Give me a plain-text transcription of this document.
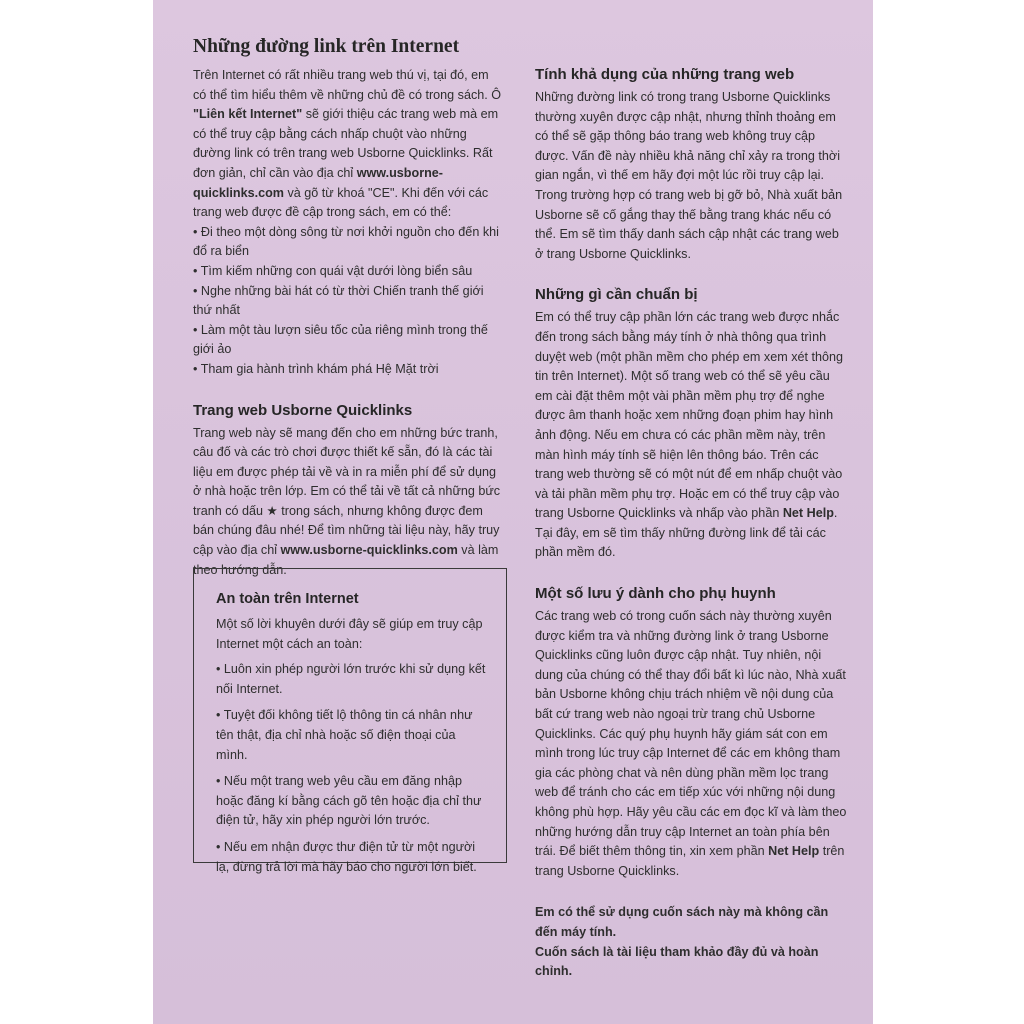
Những đường link trên Internet

Trên Internet có rất nhiều trang web thú vị, tại đó, em có thể tìm hiểu thêm về những chủ đề có trong sách. Ô "Liên kết Internet" sẽ giới thiệu các trang web mà em có thể truy cập bằng cách nhấp chuột vào những đường link có trên trang web Usborne Quicklinks. Rất đơn giản, chỉ cần vào địa chỉ www.usborne-quicklinks.com và gõ từ khoá "CE". Khi đến với các trang web được đề cập trong sách, em có thể:

• Đi theo một dòng sông từ nơi khởi nguồn cho đến khi đổ ra biển
• Tìm kiếm những con quái vật dưới lòng biển sâu
• Nghe những bài hát có từ thời Chiến tranh thế giới thứ nhất
• Làm một tàu lượn siêu tốc của riêng mình trong thế giới ảo
• Tham gia hành trình khám phá Hệ Mặt trời
Trang web Usborne Quicklinks

Trang web này sẽ mang đến cho em những bức tranh, câu đố và các trò chơi được thiết kế sẵn, đó là các tài liệu em được phép tải về và in ra miễn phí để sử dụng ở nhà hoặc trên lớp. Em có thể tải về tất cả những bức tranh có dấu ★ trong sách, nhưng không được đem bán chúng đâu nhé! Để tìm những tài liệu này, hãy truy cập vào địa chỉ www.usborne-quicklinks.com và làm theo hướng dẫn.

An toàn trên Internet

Một số lời khuyên dưới đây sẽ giúp em truy cập Internet một cách an toàn:

• Luôn xin phép người lớn trước khi sử dụng kết nối Internet.
• Tuyệt đối không tiết lộ thông tin cá nhân như tên thật, địa chỉ nhà hoặc số điện thoại của mình.
• Nếu một trang web yêu cầu em đăng nhập hoặc đăng kí bằng cách gõ tên hoặc địa chỉ thư điện tử, hãy xin phép người lớn trước.
• Nếu em nhận được thư điện tử từ một người lạ, đừng trả lời mà hãy báo cho người lớn biết.
Tính khả dụng của những trang web

Những đường link có trong trang Usborne Quicklinks thường xuyên được cập nhật, nhưng thỉnh thoảng em có thể sẽ gặp thông báo trang web không truy cập được. Vấn đề này nhiều khả năng chỉ xảy ra trong thời gian ngắn, vì thế em hãy đợi một lúc rồi truy cập lại. Trong trường hợp có trang web bị gỡ bỏ, Nhà xuất bản Usborne sẽ cố gắng thay thế bằng trang khác nếu có thể. Em sẽ tìm thấy danh sách cập nhật các trang web ở trang Usborne Quicklinks.

Những gì cần chuẩn bị

Em có thể truy cập phần lớn các trang web được nhắc đến trong sách bằng máy tính ở nhà thông qua trình duyệt web (một phần mềm cho phép em xem xét thông tin trên Internet). Một số trang web có thể sẽ yêu cầu em cài đặt thêm một vài phần mềm phụ trợ để nghe được âm thanh hoặc xem những đoạn phim hay hình ảnh động. Nếu em chưa có các phần mềm này, trên màn hình máy tính sẽ hiện lên thông báo. Trên các trang web thường sẽ có một nút để em nhấp chuột vào và tải phần mềm phụ trợ. Hoặc em có thể truy cập vào trang Usborne Quicklinks và nhấp vào phần Net Help. Tại đây, em sẽ tìm thấy những đường link để tải các phần mềm đó.

Một số lưu ý dành cho phụ huynh

Các trang web có trong cuốn sách này thường xuyên được kiểm tra và những đường link ở trang Usborne Quicklinks cũng luôn được cập nhật. Tuy nhiên, nội dung của chúng có thể thay đổi bất kì lúc nào, Nhà xuất bản Usborne không chịu trách nhiệm về nội dung của bất cứ trang web nào ngoại trừ trang chủ Usborne Quicklinks. Các quý phụ huynh hãy giám sát con em mình trong lúc truy cập Internet để các em không tham gia các phòng chat và nên dùng phần mềm lọc trang web để tránh cho các em tiếp xúc với những nội dung không phù hợp. Hãy yêu cầu các em đọc kĩ và làm theo những hướng dẫn truy cập Internet an toàn phía bên trái. Để biết thêm thông tin, xin xem phần Net Help trên trang Usborne Quicklinks.

Em có thể sử dụng cuốn sách này mà không cần đến máy tính.

Cuốn sách là tài liệu tham khảo đầy đủ và hoàn chỉnh.
